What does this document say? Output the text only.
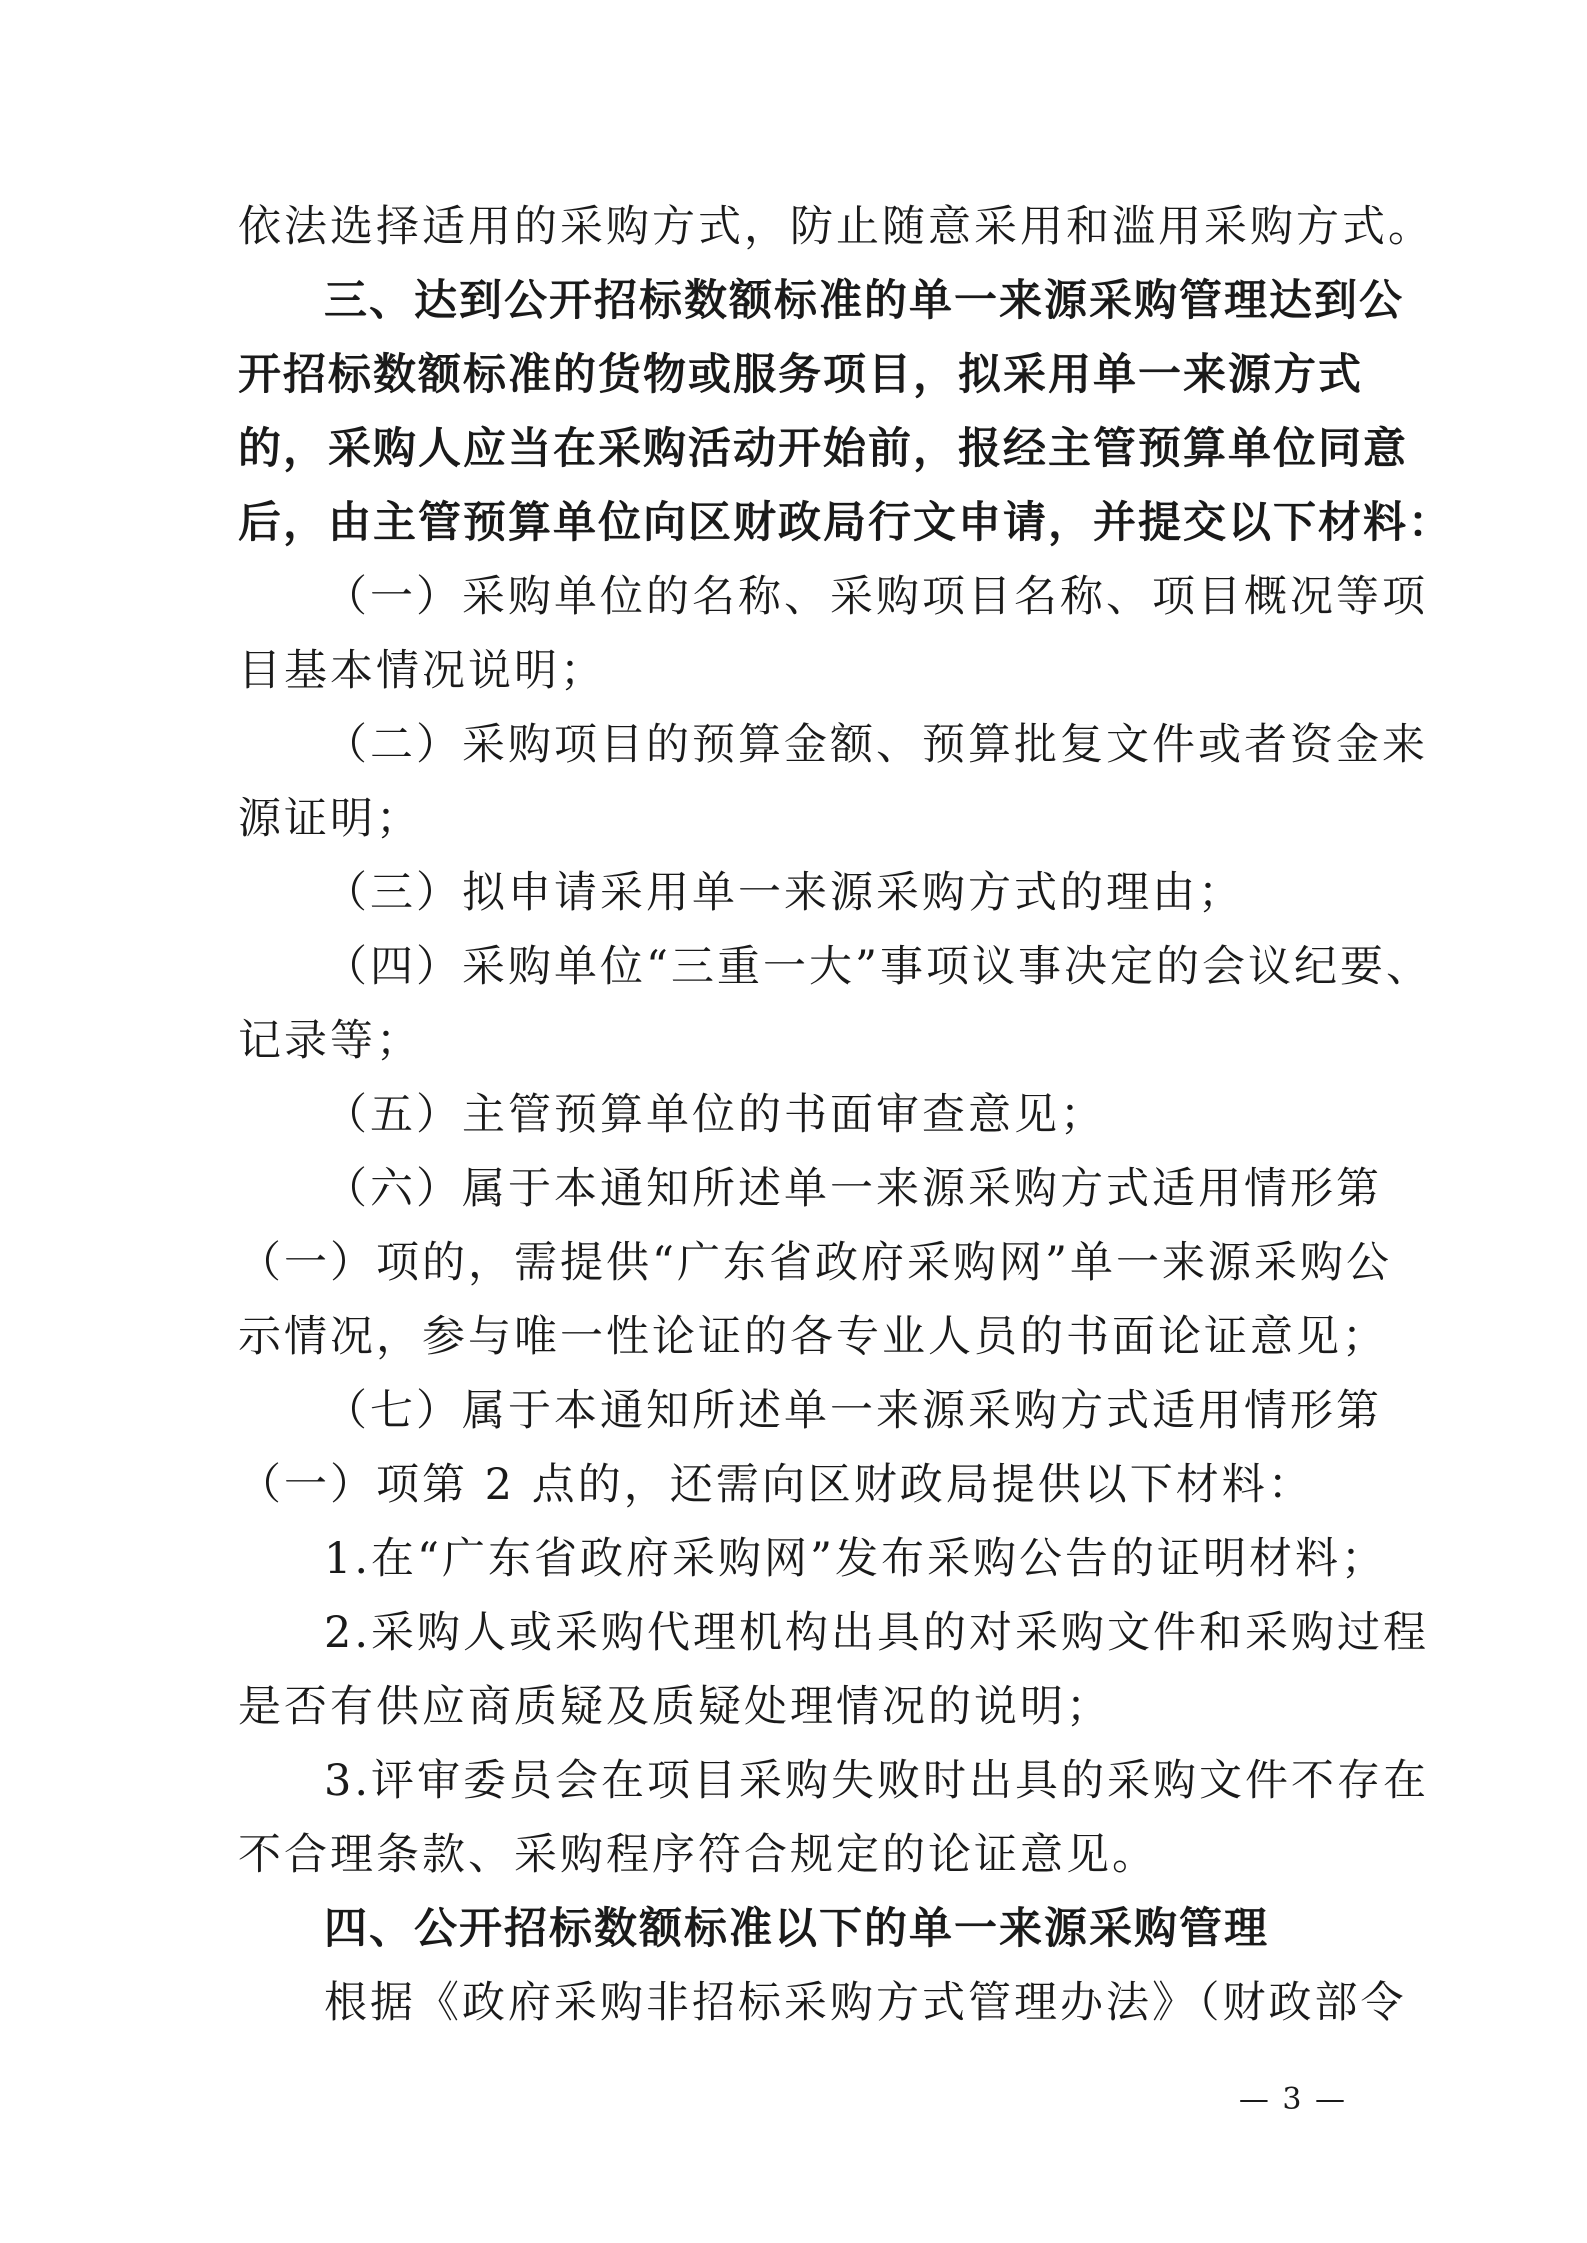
依法选择适用的采购方式，防止随意采用和滥用采购方式。
三、达到公开招标数额标准的单一来源采购管理达到公
开招标数额标准的货物或服务项目，拟采用单一来源方式
的，采购人应当在采购活动开始前，报经主管预算单位同意
后，由主管预算单位向区财政局行文申请，并提交以下材料：
（一）采购单位的名称、采购项目名称、项目概况等项
目基本情况说明；
（二）采购项目的预算金额、预算批复文件或者资金来
源证明；
（三）拟申请采用单一来源采购方式的理由；
（四）采购单位“三重一大”事项议事决定的会议纪要、
记录等；
（五）主管预算单位的书面审查意见；
（六）属于本通知所述单一来源采购方式适用情形第
（一）项的，需提供“广东省政府采购网”单一来源采购公
示情况，参与唯一性论证的各专业人员的书面论证意见；
（七）属于本通知所述单一来源采购方式适用情形第
（一）项第 2 点的，还需向区财政局提供以下材料：
1.在“广东省政府采购网”发布采购公告的证明材料；
2.采购人或采购代理机构出具的对采购文件和采购过程
是否有供应商质疑及质疑处理情况的说明；
3.评审委员会在项目采购失败时出具的采购文件不存在
不合理条款、采购程序符合规定的论证意见。
四、公开招标数额标准以下的单一来源采购管理
根据《政府采购非招标采购方式管理办法》（财政部令
— 3 —
